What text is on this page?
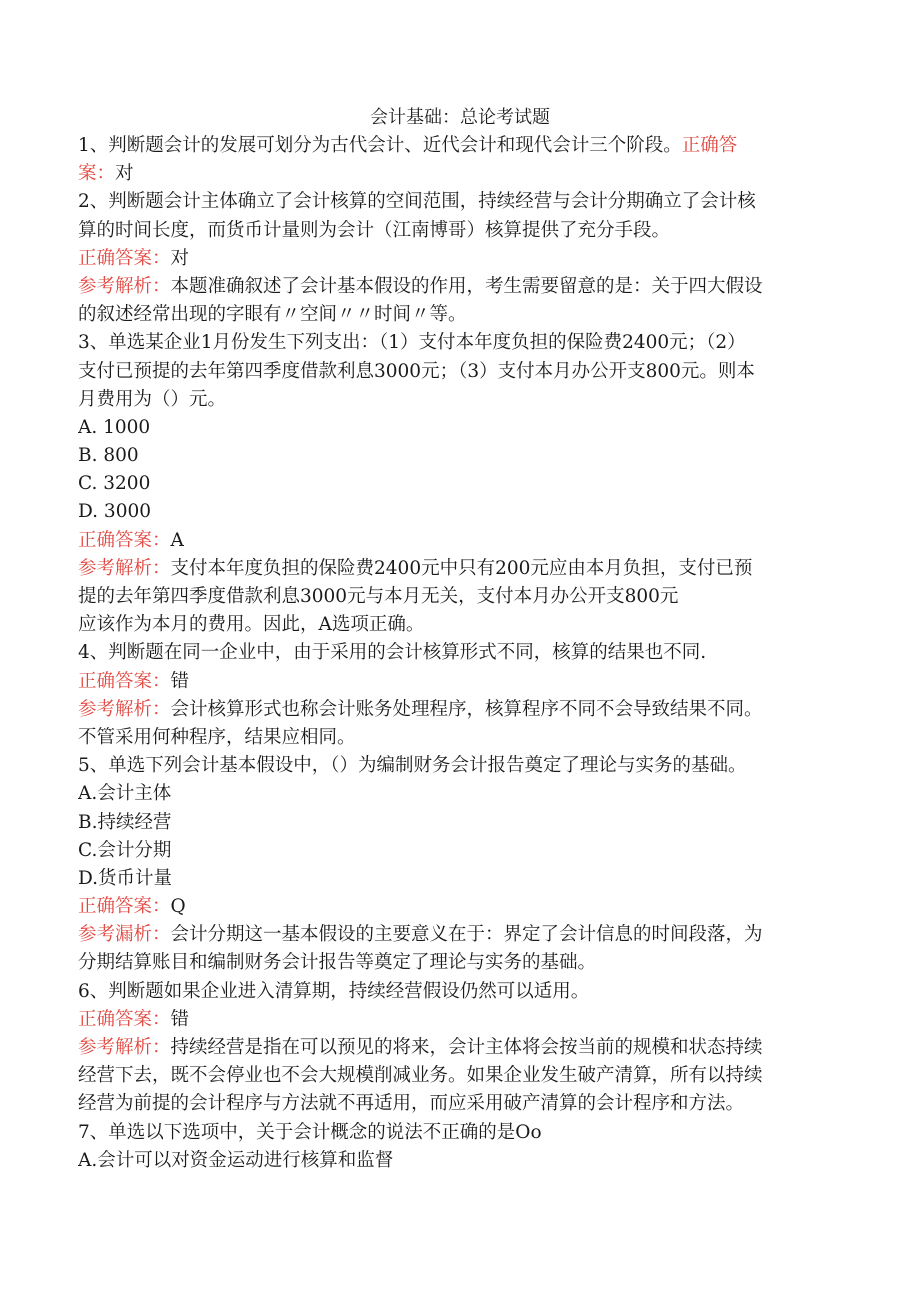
会计基础：总论考试题
1、判断题会计的发展可划分为古代会计、近代会计和现代会计三个阶段。正确答
案：对
2、判断题会计主体确立了会计核算的空间范围，持续经营与会计分期确立了会计核
算的时间长度，而货币计量则为会计（江南博哥）核算提供了充分手段。
正确答案：对
参考解析：本题准确叙述了会计基本假设的作用，考生需要留意的是：关于四大假设
的叙述经常出现的字眼有〃空间〃〃时间〃等。
3、单选某企业1月份发生下列支出：（1）支付本年度负担的保险费2400元；（2）
支付已预提的去年第四季度借款利息3000元；（3）支付本月办公开支800元。则本
月费用为（）元。
A. 1000
B. 800
C. 3200
D. 3000
正确答案：A
参考解析：支付本年度负担的保险费2400元中只有200元应由本月负担，支付已预
提的去年第四季度借款利息3000元与本月无关，支付本月办公开支800元
应该作为本月的费用。因此，A选项正确。
4、判断题在同一企业中，由于采用的会计核算形式不同，核算的结果也不同.
正确答案：错
参考解析：会计核算形式也称会计账务处理程序，核算程序不同不会导致结果不同。
不管采用何种程序，结果应相同。
5、单选下列会计基本假设中，（）为编制财务会计报告奠定了理论与实务的基础。
A.会计主体
B.持续经营
C.会计分期
D.货币计量
正确答案：Q
参考漏析：会计分期这一基本假设的主要意义在于：界定了会计信息的时间段落，为
分期结算账目和编制财务会计报告等奠定了理论与实务的基础。
6、判断题如果企业进入清算期，持续经营假设仍然可以适用。
正确答案：错
参考解析：持续经营是指在可以预见的将来，会计主体将会按当前的规模和状态持续
经营下去，既不会停业也不会大规模削减业务。如果企业发生破产清算，所有以持续
经营为前提的会计程序与方法就不再适用，而应采用破产清算的会计程序和方法。
7、单选以下选项中，关于会计概念的说法不正确的是Oo
A.会计可以对资金运动进行核算和监督
